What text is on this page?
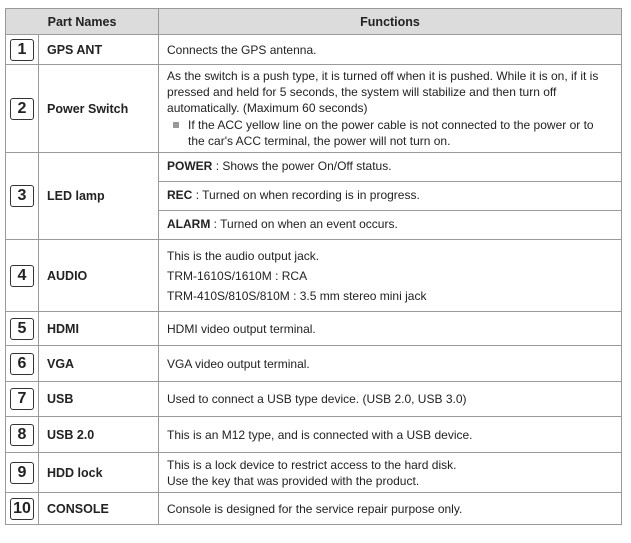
Part Names		Functions
1	GPS ANT	Connects the GPS antenna.
2	Power Switch	As the switch is a push type, it is turned off when it is pushed. While it is on, if it is pressed and held for 5 seconds, the system will stabilize and then turn off automatically. (Maximum 60 seconds)
If the ACC yellow line on the power cable is not connected to the power or to the car's ACC terminal, the power will not turn on.

3	LED lamp	POWER : Shows the power On/Off status.
REC : Turned on when recording is in progress.
ALARM : Turned on when an event occurs.

4	AUDIO	This is the audio output jack.
TRM-1610S/1610M : RCA
TRM-410S/810S/810M : 3.5 mm stereo mini jack

5	HDMI	HDMI video output terminal.
6	VGA	VGA video output terminal.
7	USB	Used to connect a USB type device. (USB 2.0, USB 3.0)
8	USB 2.0	This is an M12 type, and is connected with a USB device.
9	HDD lock	This is a lock device to restrict access to the hard disk.
Use the key that was provided with the product.

10	CONSOLE	Console is designed for the service repair purpose only.
